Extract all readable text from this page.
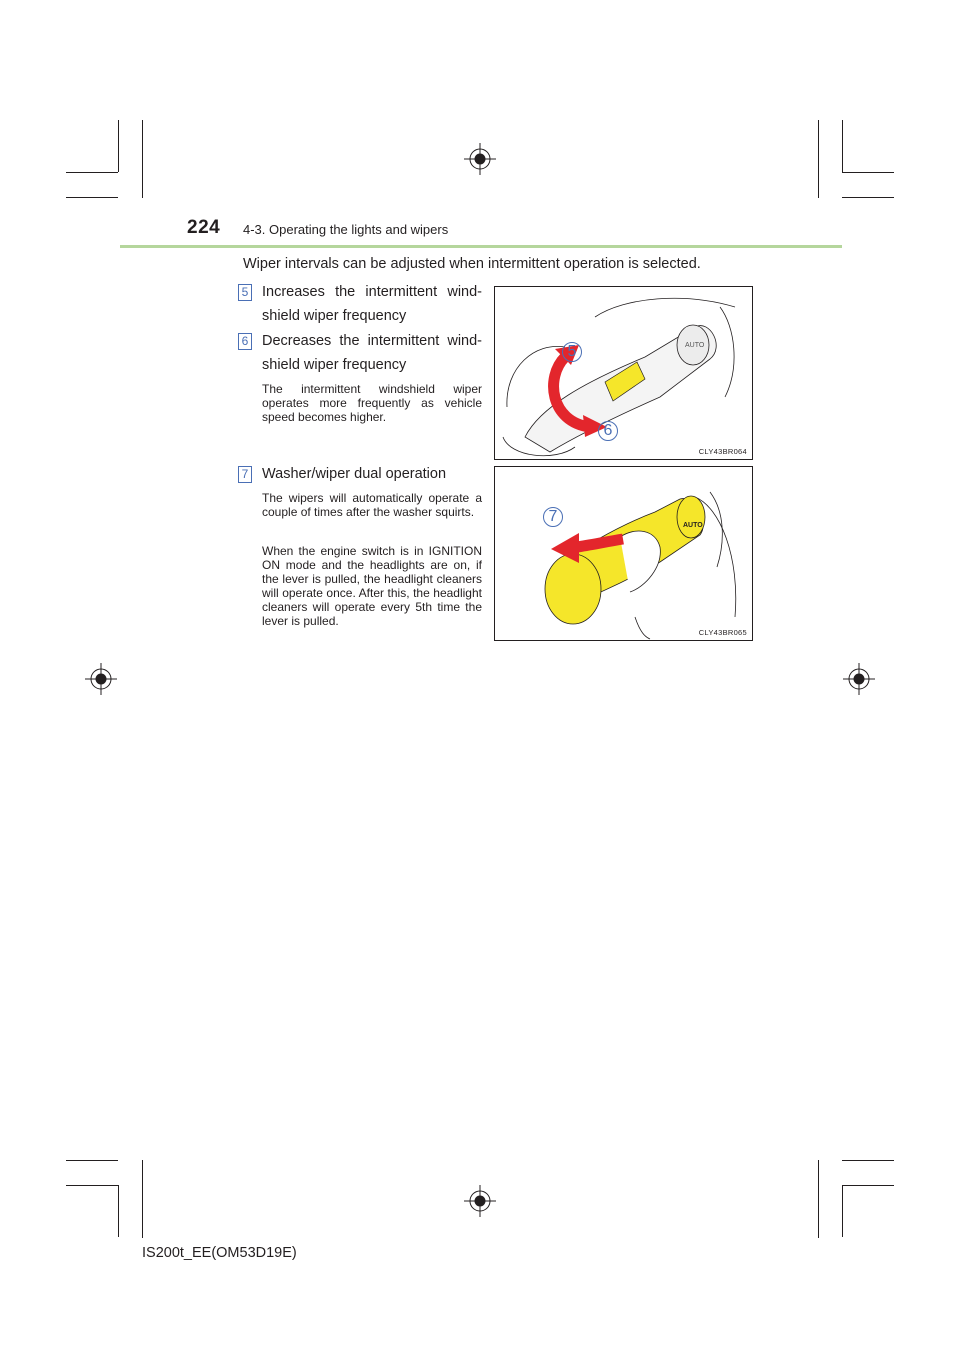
224 4-3. Operating the lights and wipers
Wiper intervals can be adjusted when intermittent operation is selected.
5 Increases the intermittent wind-shield wiper frequency
6 Decreases the intermittent wind-shield wiper frequency
The intermittent windshield wiper operates more frequently as vehicle speed becomes higher.
7 Washer/wiper dual operation
The wipers will automatically operate a couple of times after the washer squirts.
When the engine switch is in IGNITION ON mode and the headlights are on, if the lever is pulled, the headlight cleaners will operate once. After this, the headlight cleaners will operate every 5th time the lever is pulled.
5
6
AUTO
CLY43BR064
7
AUTO
CLY43BR065
IS200t_EE(OM53D19E)
